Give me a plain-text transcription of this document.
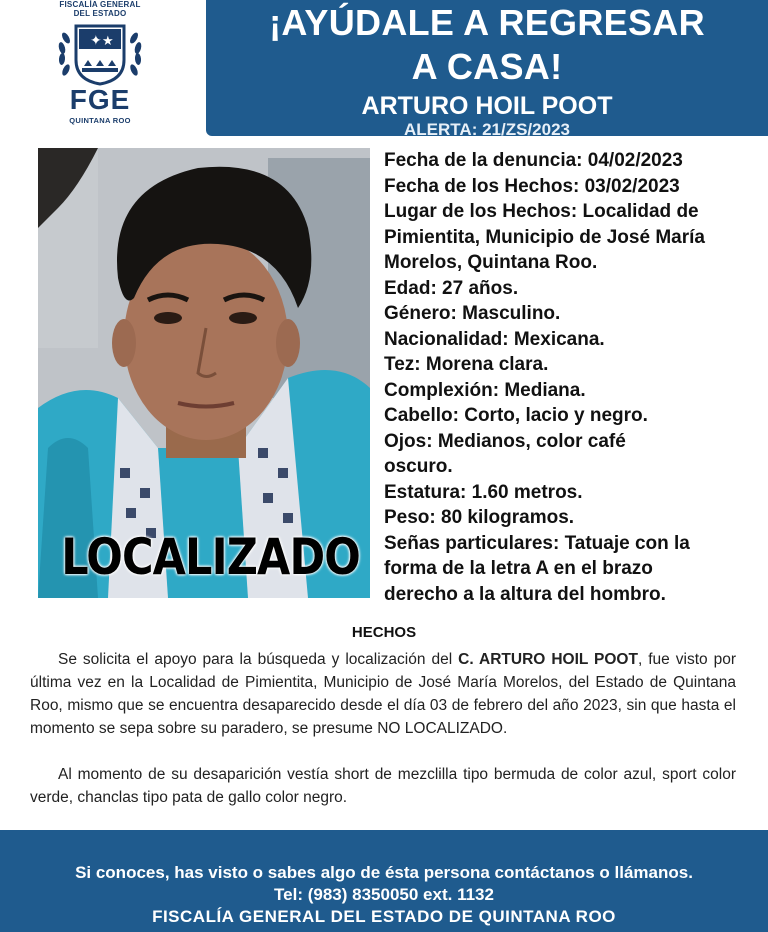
FISCALÍA GENERAL
DEL ESTADO
✦ ★
FGE
QUINTANA ROO
¡AYÚDALE A REGRESAR
A CASA!
ARTURO HOIL POOT
ALERTA: 21/ZS/2023
LOCALIZADO
Fecha de la denuncia: 04/02/2023
Fecha de los Hechos: 03/02/2023
Lugar de los Hechos: Localidad de
Pimientita, Municipio de José María
Morelos, Quintana Roo.
Edad: 27 años.
Género: Masculino.
Nacionalidad: Mexicana.
Tez: Morena clara.
Complexión: Mediana.
Cabello: Corto, lacio y negro.
Ojos: Medianos, color café
oscuro.
Estatura: 1.60 metros.
Peso: 80 kilogramos.
Señas particulares: Tatuaje con la
forma de la letra A en el brazo
derecho a la altura del hombro.
HECHOS

Se solicita el apoyo para la búsqueda y localización del C. ARTURO HOIL POOT, fue visto por última vez en la Localidad de Pimientita, Municipio de José María Morelos, del Estado de Quintana Roo, mismo que se encuentra desaparecido desde el día 03 de febrero del año 2023, sin que hasta el momento se sepa sobre su paradero, se presume NO LOCALIZADO.

Al momento de su desaparición vestía short de mezclilla tipo bermuda de color azul, sport color verde, chanclas tipo pata de gallo color negro.

Si conoces, has visto o sabes algo de ésta persona contáctanos o llámanos.
Tel: (983) 8350050 ext. 1132
FISCALÍA GENERAL DEL ESTADO DE QUINTANA ROO
